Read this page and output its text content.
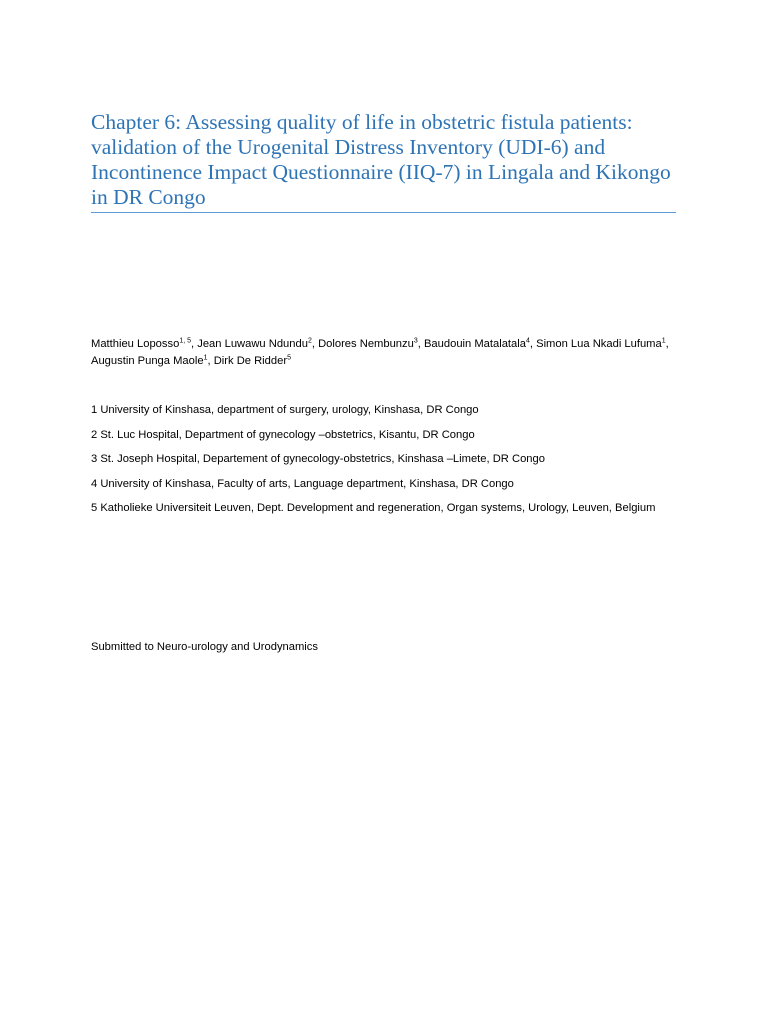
Chapter 6: Assessing quality of life in obstetric fistula patients: validation of the Urogenital Distress Inventory (UDI-6) and Incontinence Impact Questionnaire (IIQ-7) in Lingala and Kikongo in DR Congo
Matthieu Loposso$^{1, 5}$, Jean Luwawu Ndundu$^2$, Dolores Nembunzu$^3$, Baudouin Matalatala$^4$, Simon Lua Nkadi Lufuma$^1$, Augustin Punga Maole$^1$, Dirk De Ridder$^5$
1 University of Kinshasa, department of surgery, urology, Kinshasa, DR Congo
2 St. Luc Hospital, Department of gynecology –obstetrics, Kisantu, DR Congo
3 St. Joseph Hospital, Departement of gynecology-obstetrics, Kinshasa –Limete, DR Congo
4 University of Kinshasa, Faculty of arts, Language department, Kinshasa, DR Congo
5 Katholieke Universiteit Leuven, Dept. Development and regeneration, Organ systems, Urology, Leuven, Belgium
Submitted to Neuro-urology and Urodynamics
